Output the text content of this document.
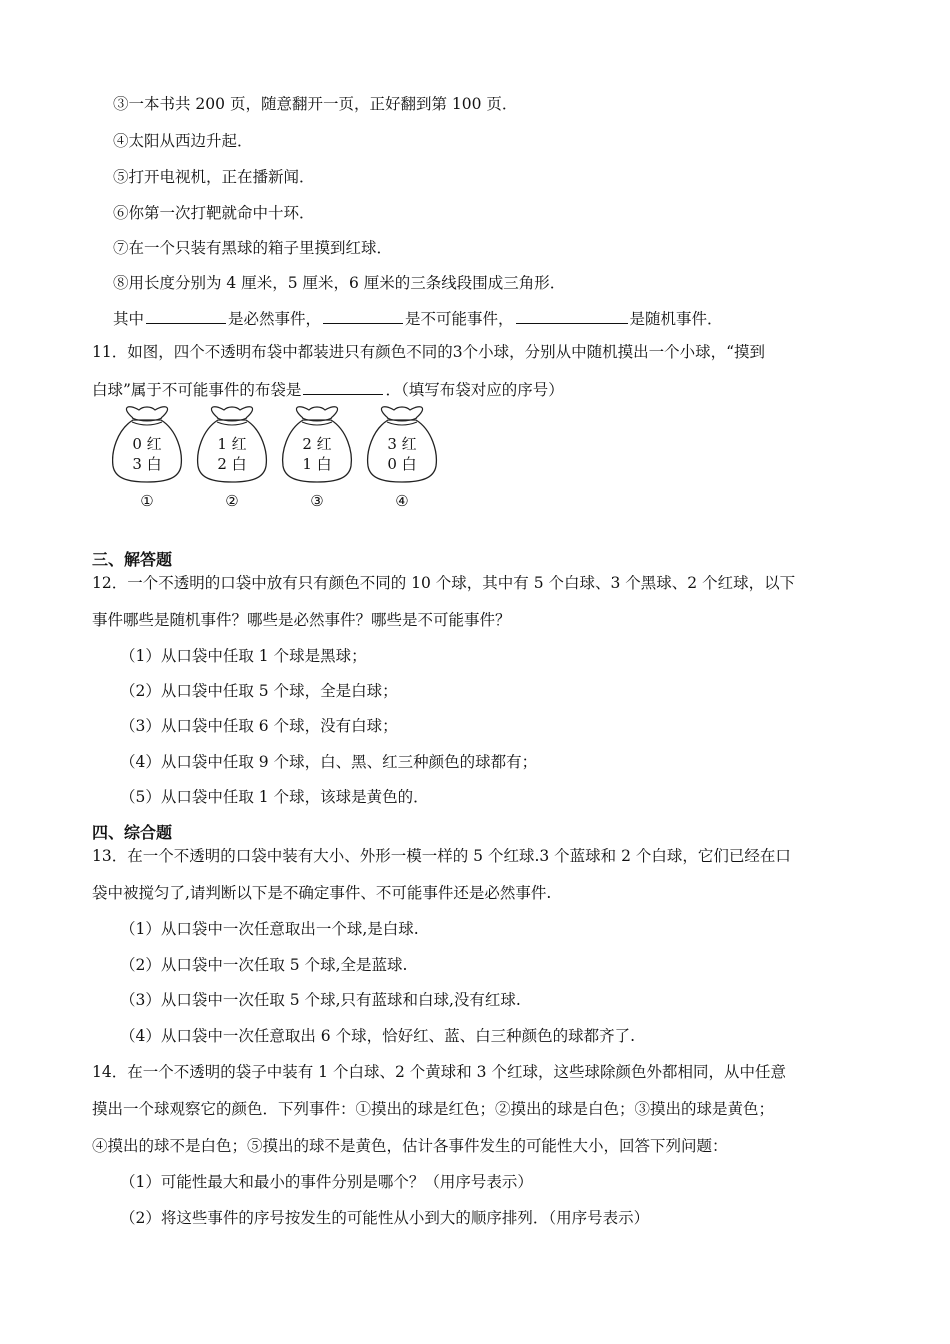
③一本书共 200 页，随意翻开一页，正好翻到第 100 页．
④太阳从西边升起．
⑤打开电视机，正在播新闻．
⑥你第一次打靶就命中十环．
⑦在一个只装有黑球的箱子里摸到红球．
⑧用长度分别为 4 厘米，5 厘米，6 厘米的三条线段围成三角形．
其中	是必然事件，	是不可能事件，	是随机事件．
11．如图，四个不透明布袋中都装进只有颜色不同的3个小球，分别从中随机摸出一个小球，“摸到
白球”属于不可能事件的布袋是	．（填写布袋对应的序号）
0 红
3 白
①
1 红
2 白
②
2 红
1 白
③
3 红
0 白
④
三、解答题
12．一个不透明的口袋中放有只有颜色不同的 10 个球，其中有 5 个白球、3 个黑球、2 个红球，以下
事件哪些是随机事件？哪些是必然事件？哪些是不可能事件？
（1）从口袋中任取 1 个球是黑球；
（2）从口袋中任取 5 个球，全是白球；
（3）从口袋中任取 6 个球，没有白球；
（4）从口袋中任取 9 个球，白、黑、红三种颜色的球都有；
（5）从口袋中任取 1 个球，该球是黄色的．
四、综合题
13．在一个不透明的口袋中装有大小、外形一模一样的 5 个红球.3 个蓝球和 2 个白球，它们已经在口
袋中被搅匀了,请判断以下是不确定事件、不可能事件还是必然事件.
（1）从口袋中一次任意取出一个球,是白球.
（2）从口袋中一次任取 5 个球,全是蓝球.
（3）从口袋中一次任取 5 个球,只有蓝球和白球,没有红球.
（4）从口袋中一次任意取出 6 个球，恰好红、蓝、白三种颜色的球都齐了.
14．在一个不透明的袋子中装有 1 个白球、2 个黄球和 3 个红球，这些球除颜色外都相同，从中任意
摸出一个球观察它的颜色．下列事件：①摸出的球是红色；②摸出的球是白色；③摸出的球是黄色；
④摸出的球不是白色；⑤摸出的球不是黄色，估计各事件发生的可能性大小，回答下列问题：
（1）可能性最大和最小的事件分别是哪个？（用序号表示）
（2）将这些事件的序号按发生的可能性从小到大的顺序排列．（用序号表示）
